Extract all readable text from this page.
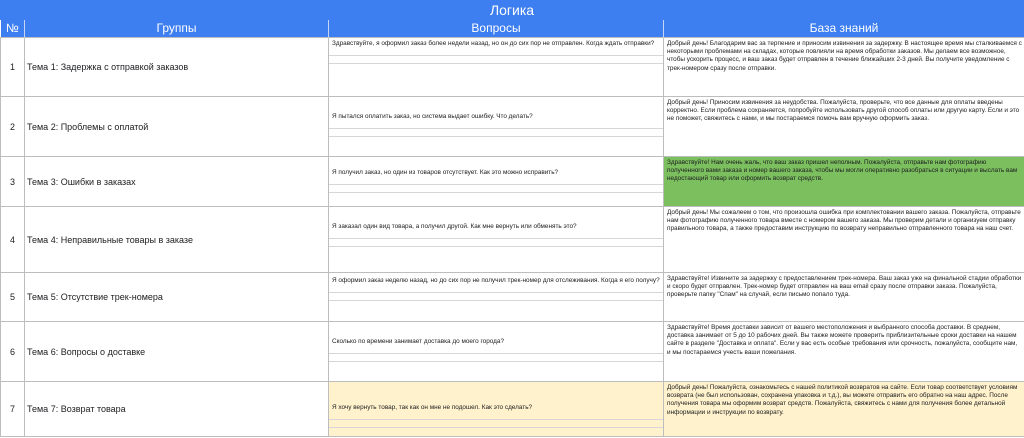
Логика
№	Группы	Вопросы	База знаний
1	Тема 1: Задержка с отправкой заказов	Здравствуйте, я оформил заказ более недели назад, но он до сих пор не отправлен. Когда ждать отправки?	Добрый день! Благодарим вас за терпение и приносим извинения за задержку. В настоящее время мы сталкиваемся с некоторыми проблемами на складах, которые повлияли на время обработки заказов. Мы делаем все возможное, чтобы ускорить процесс, и ваш заказ будет отправлен в течение ближайших 2-3 дней. Вы получите уведомление с трек-номером сразу после отправки.
2	Тема 2: Проблемы с оплатой	Я пытался оплатить заказ, но система выдает ошибку. Что делать?	Добрый день! Приносим извинения за неудобства. Пожалуйста, проверьте, что все данные для оплаты введены корректно. Если проблема сохраняется, попробуйте использовать другой способ оплаты или другую карту. Если и это не поможет, свяжитесь с нами, и мы постараемся помочь вам вручную оформить заказ.
3	Тема 3: Ошибки в заказах	Я получил заказ, но один из товаров отсутствует. Как это можно исправить?	Здравствуйте! Нам очень жаль, что ваш заказ пришел неполным. Пожалуйста, отправьте нам фотографию полученного вами заказа и номер вашего заказа, чтобы мы могли оперативно разобраться в ситуации и выслать вам недостающий товар или оформить возврат средств.
4	Тема 4: Неправильные товары в заказе	Я заказал один вид товара, а получил другой. Как мне вернуть или обменять это?	Добрый день! Мы сожалеем о том, что произошла ошибка при комплектовании вашего заказа. Пожалуйста, отправьте нам фотографию полученного товара вместе с номером вашего заказа. Мы проверим детали и организуем отправку правильного товара, а также предоставим инструкцию по возврату неправильно отправленного товара на наш счет.
5	Тема 5: Отсутствие трек-номера	Я оформил заказ неделю назад, но до сих пор не получил трек-номер для отслеживания. Когда я его получу?	Здравствуйте! Извините за задержку с предоставлением трек-номера. Ваш заказ уже на финальной стадии обработки и скоро будет отправлен. Трек-номер будет отправлен на ваш email сразу после отправки заказа. Пожалуйста, проверьте папку "Спам" на случай, если письмо попало туда.
6	Тема 6: Вопросы о доставке	Сколько по времени занимает доставка до моего города?	Здравствуйте! Время доставки зависит от вашего местоположения и выбранного способа доставки. В среднем, доставка занимает от 5 до 10 рабочих дней. Вы также можете проверить приблизительные сроки доставки на нашем сайте в разделе "Доставка и оплата". Если у вас есть особые требования или срочность, пожалуйста, сообщите нам, и мы постараемся учесть ваши пожелания.
7	Тема 7: Возврат товара	Я хочу вернуть товар, так как он мне не подошел. Как это сделать?	Добрый день! Пожалуйста, ознакомьтесь с нашей политикой возвратов на сайте. Если товар соответствует условиям возврата (не был использован, сохранена упаковка и т.д.), вы можете отправить его обратно на наш адрес. После получения товара мы оформим возврат средств. Пожалуйста, свяжитесь с нами для получения более детальной информации и инструкции по возврату.
